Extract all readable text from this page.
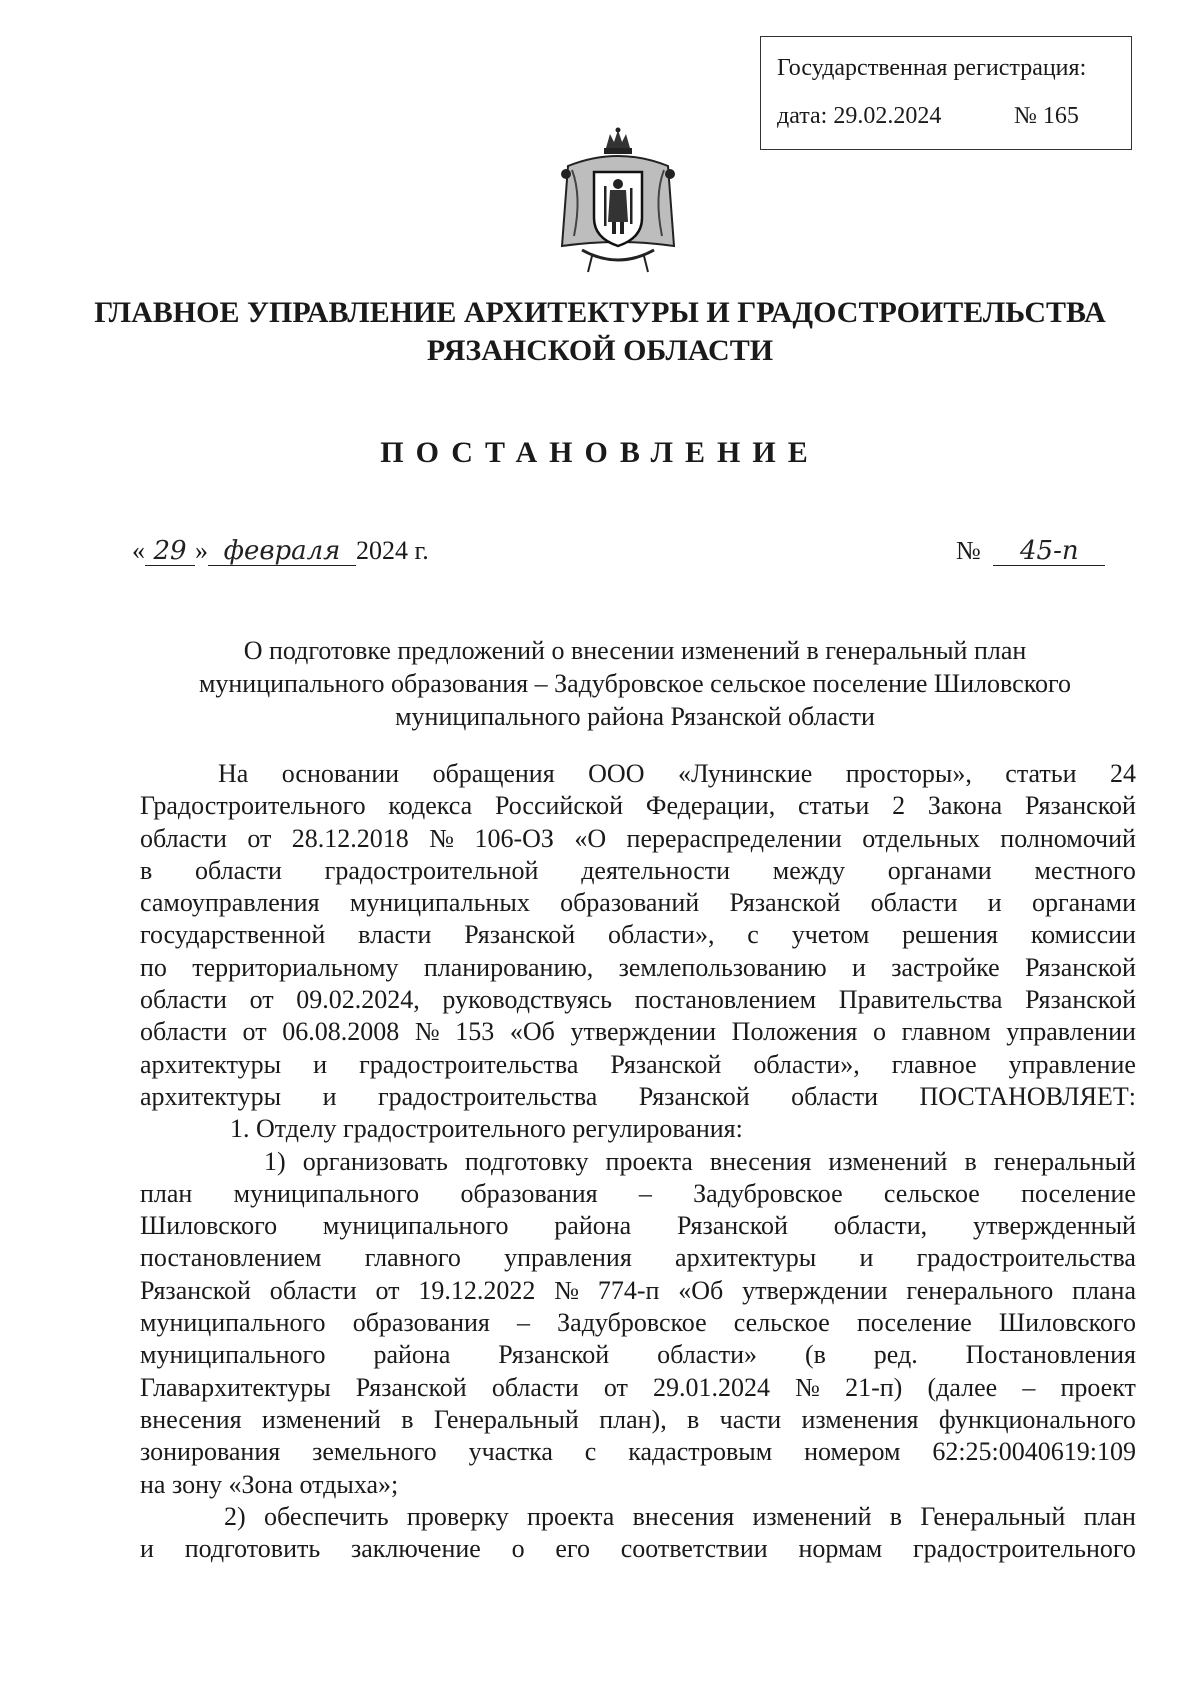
Государственная регистрация:
дата: 29.02.2024	№ 165
ГЛАВНОЕ УПРАВЛЕНИЕ АРХИТЕКТУРЫ И ГРАДОСТРОИТЕЛЬСТВА
РЯЗАНСКОЙ ОБЛАСТИ
ПОСТАНОВЛЕНИЕ
« 29 » февраля 2024 г.	№ 45-п
О подготовке предложений о внесении изменений в генеральный план
муниципального образования – Задубровское сельское поселение Шиловского
муниципального района Рязанской области
На основании обращения ООО «Лунинские просторы», статьи 24
Градостроительного кодекса Российской Федерации, статьи 2 Закона Рязанской
области от 28.12.2018 № 106-ОЗ «О перераспределении отдельных полномочий
в области градостроительной деятельности между органами местного
самоуправления муниципальных образований Рязанской области и органами
государственной власти Рязанской области», с учетом решения комиссии
по территориальному планированию, землепользованию и застройке Рязанской
области от 09.02.2024, руководствуясь постановлением Правительства Рязанской
области от 06.08.2008 № 153 «Об утверждении Положения о главном управлении
архитектуры и градостроительства Рязанской области», главное управление
архитектуры и градостроительства Рязанской области ПОСТАНОВЛЯЕТ:
1. Отделу градостроительного регулирования:
1) организовать подготовку проекта внесения изменений в генеральный
план муниципального образования – Задубровское сельское поселение
Шиловского муниципального района Рязанской области, утвержденный
постановлением главного управления архитектуры и градостроительства
Рязанской области от 19.12.2022 № 774-п «Об утверждении генерального плана
муниципального образования – Задубровское сельское поселение Шиловского
муниципального района Рязанской области» (в ред. Постановления
Главархитектуры Рязанской области от 29.01.2024 № 21-п) (далее – проект
внесения изменений в Генеральный план), в части изменения функционального
зонирования земельного участка с кадастровым номером 62:25:0040619:109
на зону «Зона отдыха»;
2) обеспечить проверку проекта внесения изменений в Генеральный план
и подготовить заключение о его соответствии нормам градостроительного
